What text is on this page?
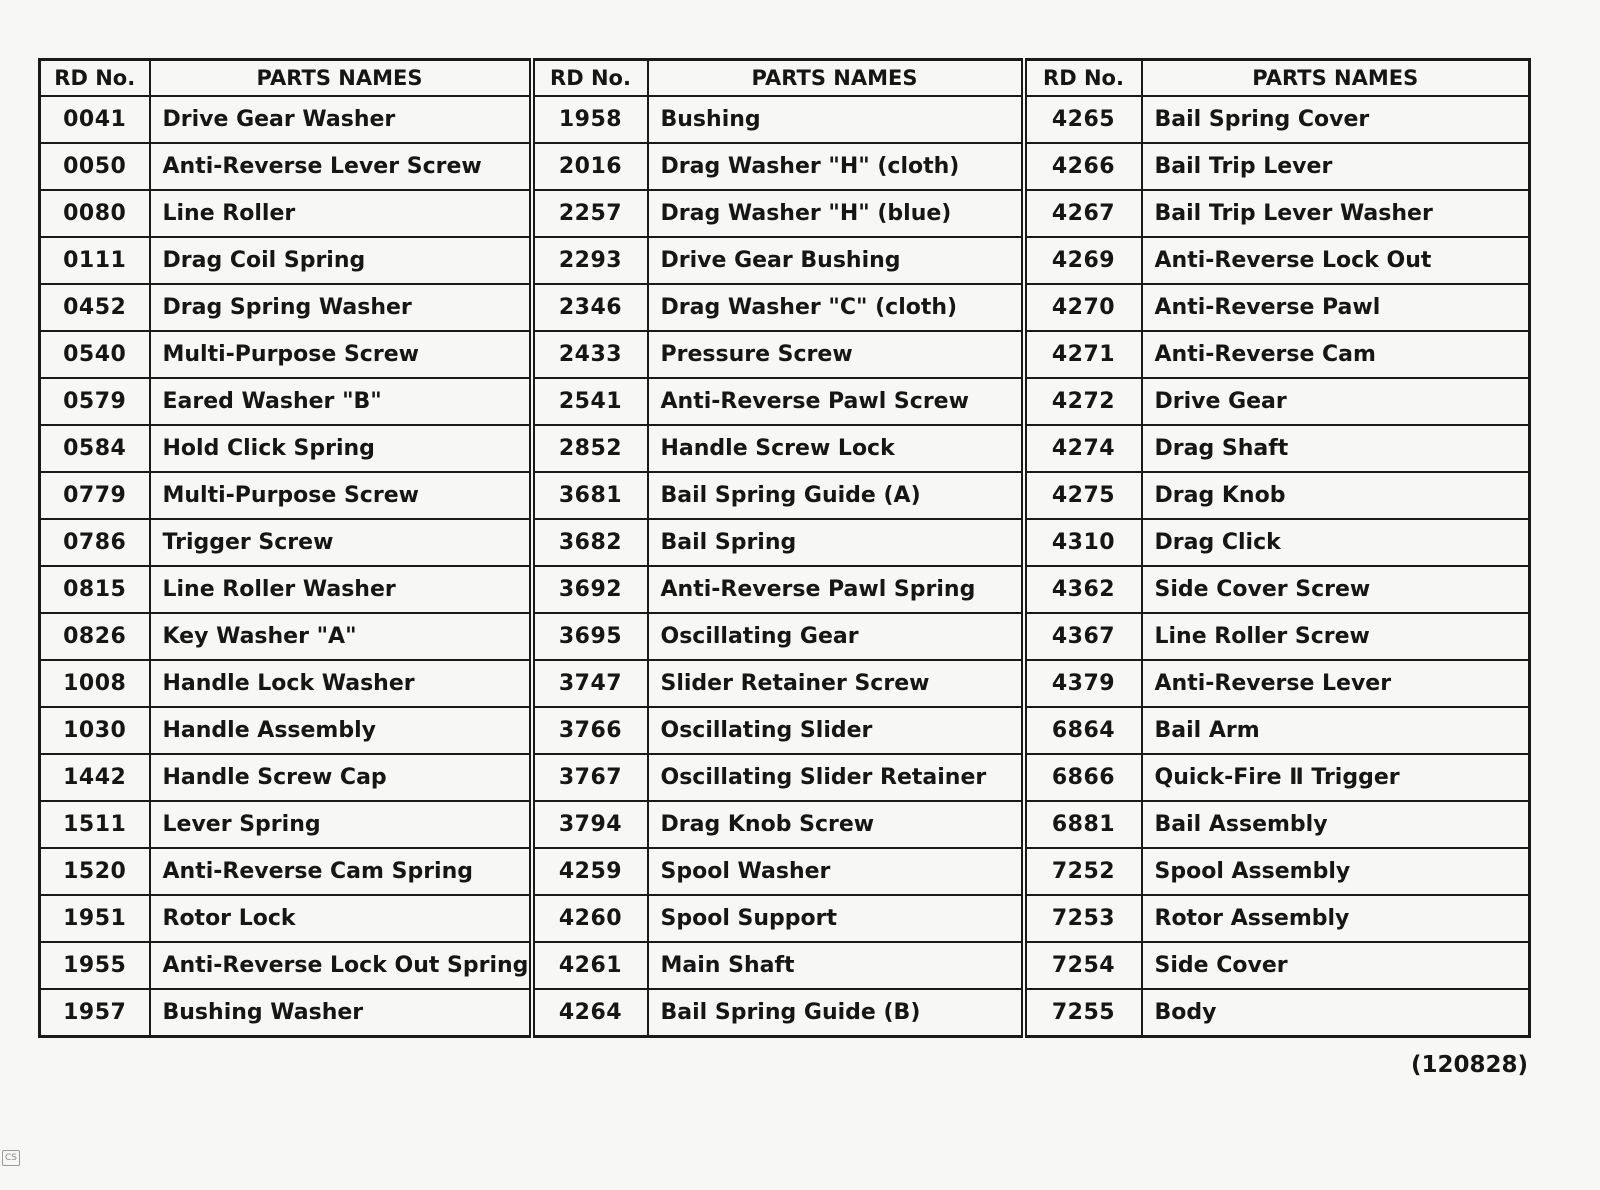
RD No.	PARTS NAMES	RD No.	PARTS NAMES	RD No.	PARTS NAMES
0041	Drive Gear Washer	1958	Bushing	4265	Bail Spring Cover
0050	Anti-Reverse Lever Screw	2016	Drag Washer "H" (cloth)	4266	Bail Trip Lever
0080	Line Roller	2257	Drag Washer "H" (blue)	4267	Bail Trip Lever Washer
0111	Drag Coil Spring	2293	Drive Gear Bushing	4269	Anti-Reverse Lock Out
0452	Drag Spring Washer	2346	Drag Washer "C" (cloth)	4270	Anti-Reverse Pawl
0540	Multi-Purpose Screw	2433	Pressure Screw	4271	Anti-Reverse Cam
0579	Eared Washer "B"	2541	Anti-Reverse Pawl Screw	4272	Drive Gear
0584	Hold Click Spring	2852	Handle Screw Lock	4274	Drag Shaft
0779	Multi-Purpose Screw	3681	Bail Spring Guide (A)	4275	Drag Knob
0786	Trigger Screw	3682	Bail Spring	4310	Drag Click
0815	Line Roller Washer	3692	Anti-Reverse Pawl Spring	4362	Side Cover Screw
0826	Key Washer "A"	3695	Oscillating Gear	4367	Line Roller Screw
1008	Handle Lock Washer	3747	Slider Retainer Screw	4379	Anti-Reverse Lever
1030	Handle Assembly	3766	Oscillating Slider	6864	Bail Arm
1442	Handle Screw Cap	3767	Oscillating Slider Retainer	6866	Quick-Fire Ⅱ Trigger
1511	Lever Spring	3794	Drag Knob Screw	6881	Bail Assembly
1520	Anti-Reverse Cam Spring	4259	Spool Washer	7252	Spool Assembly
1951	Rotor Lock	4260	Spool Support	7253	Rotor Assembly
1955	Anti-Reverse Lock Out Spring	4261	Main Shaft	7254	Side Cover
1957	Bushing Washer	4264	Bail Spring Guide (B)	7255	Body
(120828)
CS
